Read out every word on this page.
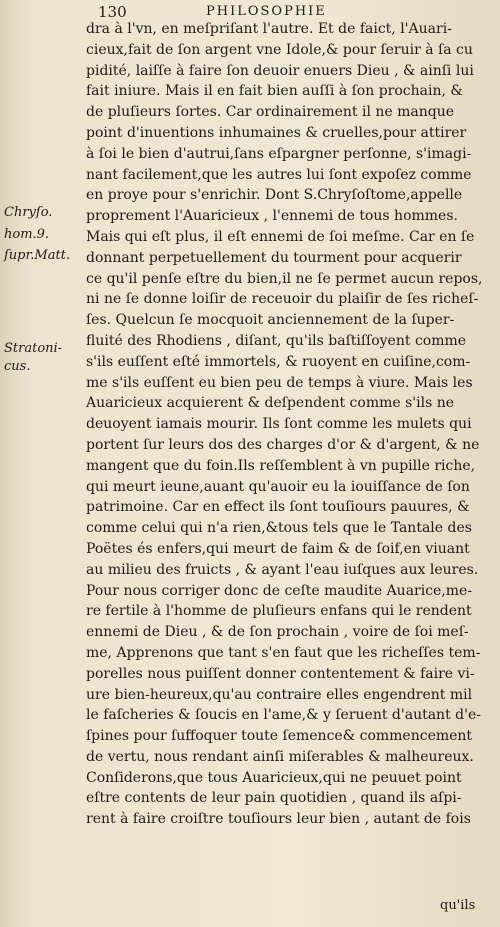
130	PHILOSOPHIE
Chryſo.
hom.9.
ſupr.Matt.
Stratoni-
cus.
dra à l'vn, en meſpriſant l'autre. Et de faict, l'Auari-
cieux,fait de ſon argent vne Idole,& pour ſeruir à ſa cu
pidité, laiſſe à faire ſon deuoir enuers Dieu , & ainſi lui
fait iniure. Mais il en fait bien auſſi à ſon prochain, &
de pluſieurs ſortes. Car ordinairement il ne manque
point d'inuentions inhumaines & cruelles,pour attirer
à ſoi le bien d'autrui,ſans eſpargner perſonne, s'imagi-
nant facilement,que les autres lui ſont expoſez comme
en proye pour s'enrichir. Dont S.Chryſoſtome,appelle
proprement l'Auaricieux , l'ennemi de tous hommes.
Mais qui eſt plus, il eſt ennemi de ſoi meſme. Car en ſe
donnant perpetuellement du tourment pour acquerir
ce qu'il penſe eſtre du bien,il ne ſe permet aucun repos,
ni ne ſe donne loiſir de receuoir du plaiſir de ſes richeſ-
ſes. Quelcun ſe mocquoit anciennement de la ſuper-
fluité des Rhodiens , diſant, qu'ils baſtiſſoyent comme
s'ils euſſent eſté immortels, & ruoyent en cuiſine,com-
me s'ils euſſent eu bien peu de temps à viure. Mais les
Auaricieux acquierent & deſpendent comme s'ils ne
deuoyent iamais mourir. Ils ſont comme les mulets qui
portent ſur leurs dos des charges d'or & d'argent, & ne
mangent que du foin.Ils reſſemblent à vn pupille riche,
qui meurt ieune,auant qu'auoir eu la iouiſſance de ſon
patrimoine. Car en effect ils ſont touſiours pauures, &
comme celui qui n'a rien,&tous tels que le Tantale des
Poëtes és enfers,qui meurt de faim & de ſoif,en viuant
au milieu des fruicts , & ayant l'eau iuſques aux leures.
Pour nous corriger donc de ceſte maudite Auarice,me-
re fertile à l'homme de pluſieurs enfans qui le rendent
ennemi de Dieu , & de ſon prochain , voire de ſoi meſ-
me, Apprenons que tant s'en faut que les richeſſes tem-
porelles nous puiſſent donner contentement & faire vi-
ure bien-heureux,qu'au contraire elles engendrent mil
le faſcheries & ſoucis en l'ame,& y ſeruent d'autant d'e-
ſpines pour ſuffoquer toute ſemence& commencement
de vertu, nous rendant ainſi miſerables & malheureux.
Conſiderons,que tous Auaricieux,qui ne peuuet point
eſtre contents de leur pain quotidien , quand ils aſpi-
rent à faire croiſtre touſiours leur bien , autant de fois
qu'ils
